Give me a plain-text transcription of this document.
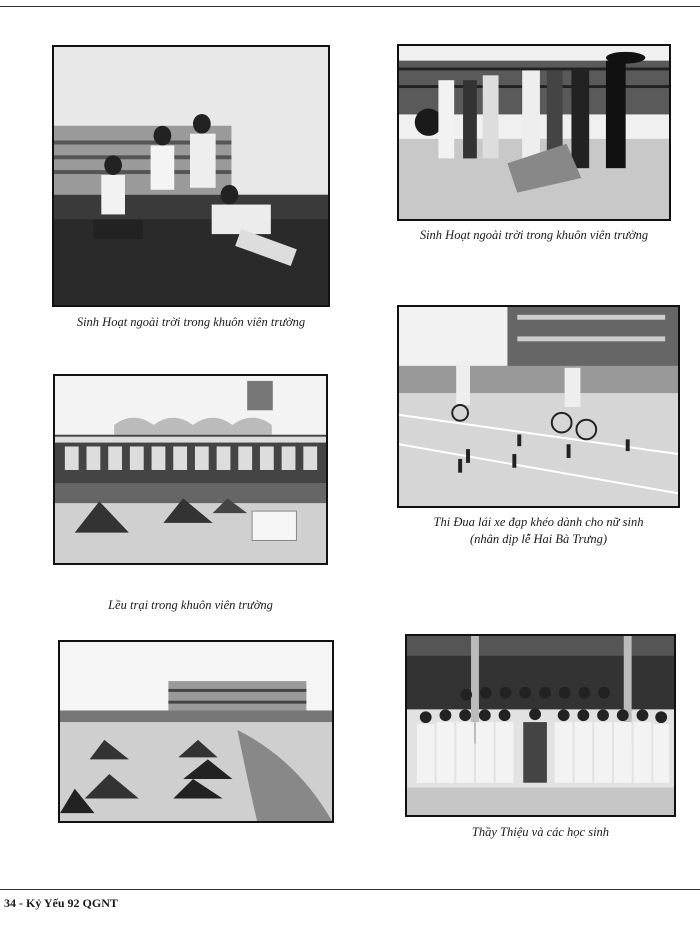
Sinh Hoạt ngoài trời trong khuôn viên trường
Sinh Hoạt ngoài trời trong khuôn viên trường
Lều trại trong khuôn viên trường
Thi Đua lái xe đạp khéo dành cho nữ sinh
(nhân dịp lễ Hai Bà Trưng)
Thầy Thiệu và các học sinh
34 - Kỷ Yếu 92 QGNT
